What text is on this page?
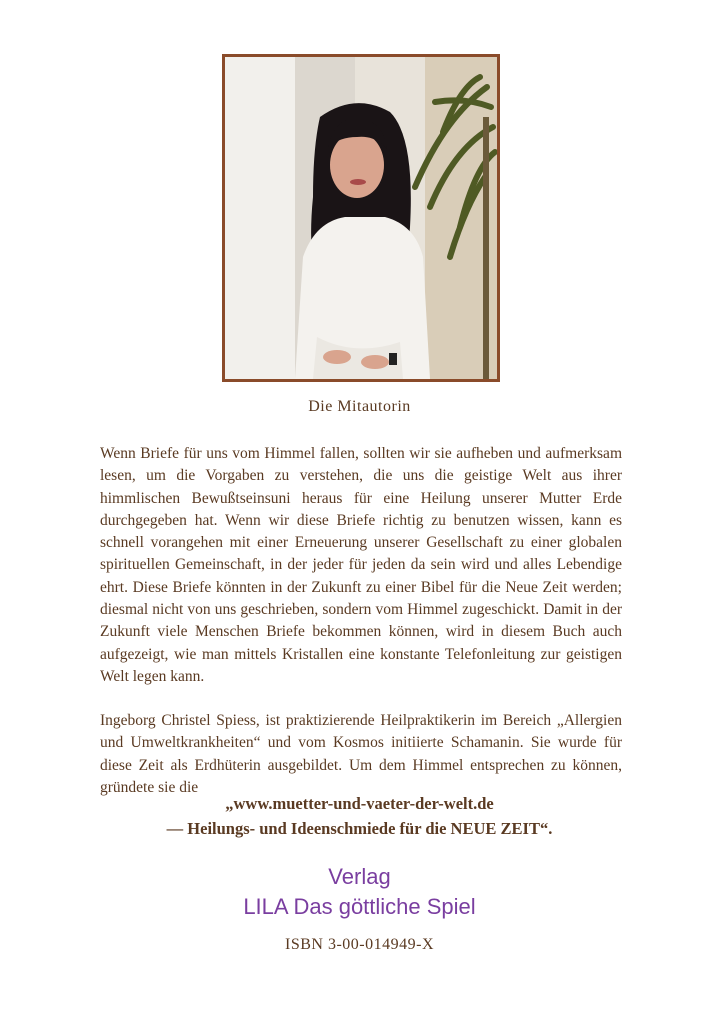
Die Mitautorin

Wenn Briefe für uns vom Himmel fallen, sollten wir sie aufheben und aufmerksam lesen, um die Vorgaben zu verstehen, die uns die geistige Welt aus ihrer himmlischen Bewußtseinsuni heraus für eine Heilung unserer Mutter Erde durchgegeben hat. Wenn wir diese Briefe richtig zu benutzen wissen, kann es schnell vorangehen mit einer Erneuerung unserer Gesellschaft zu einer globalen spirituellen Gemeinschaft, in der jeder für jeden da sein wird und alles Lebendige ehrt. Diese Briefe könnten in der Zukunft zu einer Bibel für die Neue Zeit werden; diesmal nicht von uns geschrieben, sondern vom Himmel zugeschickt. Damit in der Zukunft viele Menschen Briefe bekommen können, wird in diesem Buch auch aufgezeigt, wie man mittels Kristallen eine konstante Telefonleitung zur geistigen Welt legen kann.

Ingeborg Christel Spiess, ist praktizierende Heilpraktikerin im Bereich „Allergien und Umweltkrankheiten“ und vom Kosmos initiierte Schamanin. Sie wurde für diese Zeit als Erdhüterin ausgebildet. Um dem Himmel entsprechen zu können, gründete sie die

„www.muetter-und-vaeter-der-welt.de
— Heilungs- und Ideenschmiede für die NEUE ZEIT“.
Verlag
LILA Das göttliche Spiel
ISBN 3-00-014949-X
